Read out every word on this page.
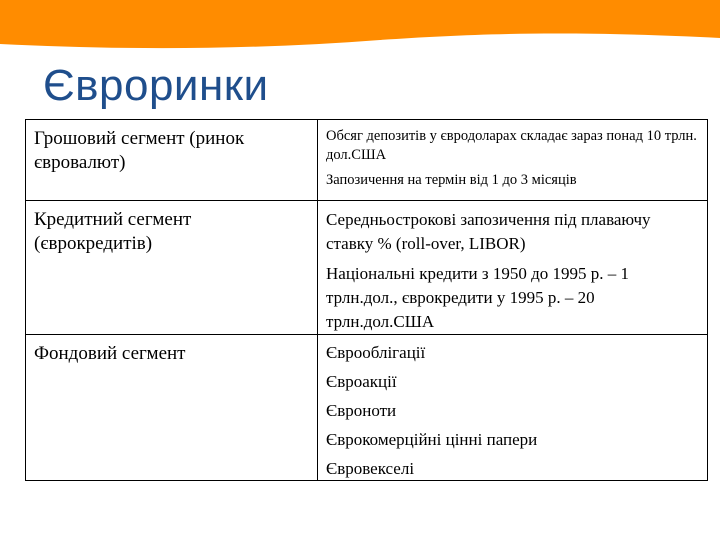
Євроринки
Грошовий сегмент (ринок євровалют)	Обсяг депозитів у євродоларах складає зараз понад 10 трлн. дол.США

Запозичення на термін від 1 до 3 місяців

Кредитний сегмент (єврокредитів)	Середньострокові запозичення під плаваючу ставку % (roll-over, LIBOR)

Національні кредити з 1950 до 1995 р. – 1 трлн.дол., єврокредити у 1995 р. – 20 трлн.дол.США

Фондовий сегмент	Єврооблігації

Євроакції

Євроноти

Єврокомерційні цінні папери

Євровекселі
